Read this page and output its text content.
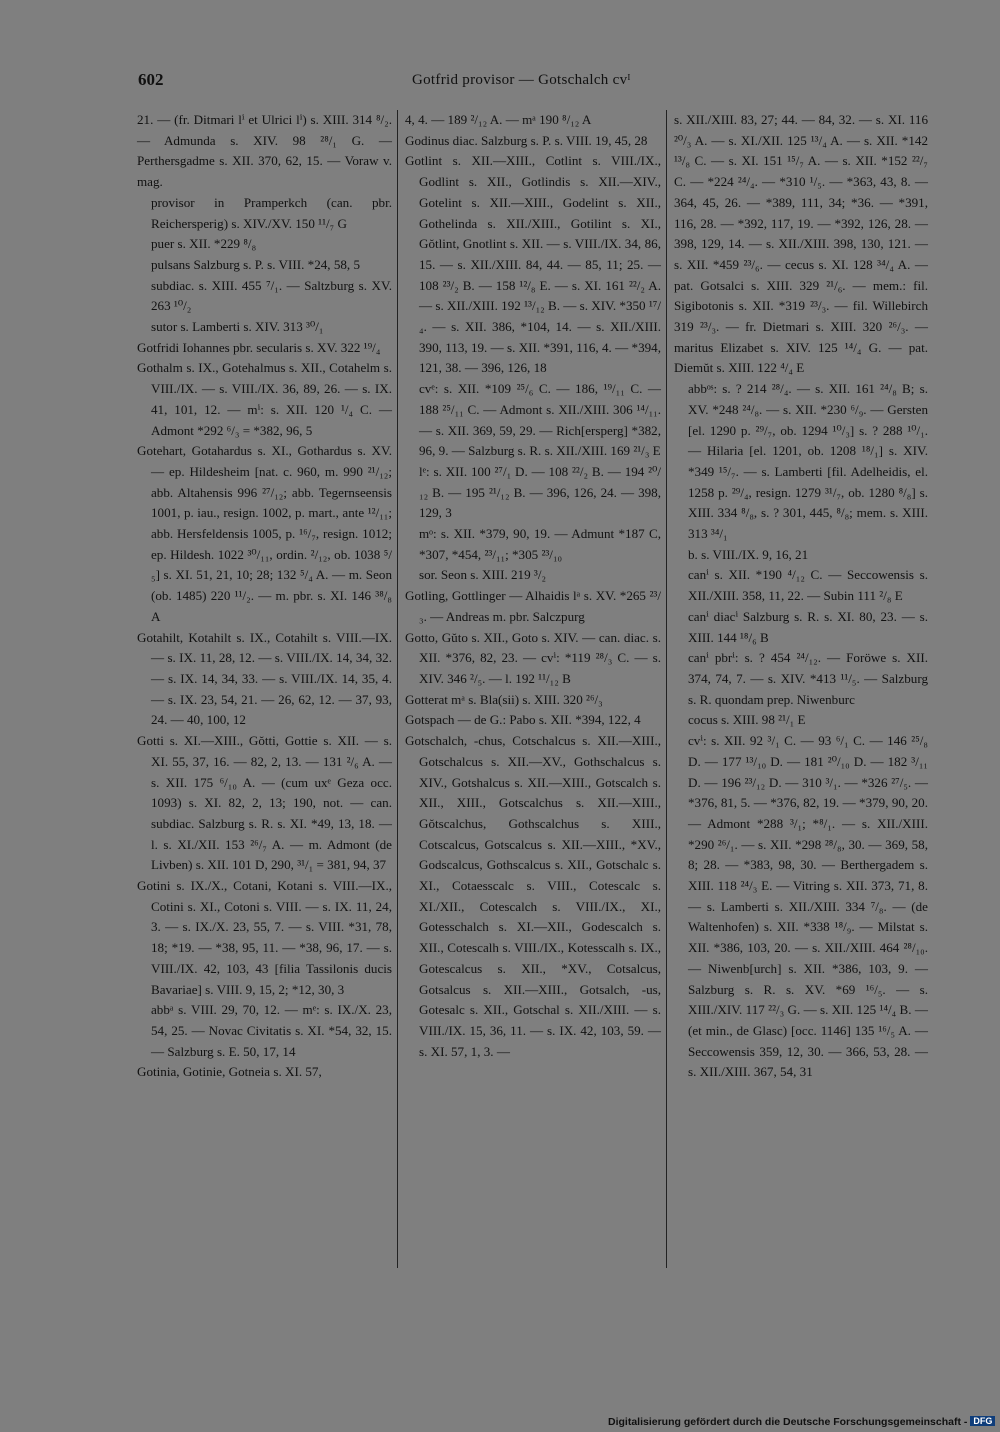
602	Gotfrid provisor — Gotschalch cvᴵ

21. — (fr. Ditmari lⁱ et Ulrici lⁱ) s. XIII. 314 ⁸/₂. — Admunda s. XIV. 98 ²⁸/₁ G. — Perthersgadme s. XII. 370, 62, 15. — Voraw v. mag.

provisor in Pramperkch (can. pbr. Reichersperig) s. XIV./XV. 150 ¹¹/₇ G

puer s. XII. *229 ⁸/₈

pulsans Salzburg s. P. s. VIII. *24, 58, 5

subdiac. s. XIII. 455 ⁷/₁. — Saltzburg s. XV. 263 ¹⁰/₂

sutor s. Lamberti s. XIV. 313 ³⁰/₁

Gotfridi Iohannes pbr. secularis s. XV. 322 ¹⁹/₄

Gothalm s. IX., Gotehalmus s. XII., Cotahelm s. VIII./IX. — s. VIII./IX. 36, 89, 26. — s. IX. 41, 101, 12. — mⁱ: s. XII. 120 ¹/₄ C. — Admont *292 ⁶/₃ = *382, 96, 5

Gotehart, Gotahardus s. XI., Gothardus s. XV. — ep. Hildesheim [nat. c. 960, m. 990 ²¹/₁₂; abb. Altahensis 996 ²⁷/₁₂; abb. Tegernseensis 1001, p. iau., resign. 1002, p. mart., ante ¹²/₁₁; abb. Hersfeldensis 1005, p. ¹⁶/₇, resign. 1012; ep. Hildesh. 1022 ³⁰/₁₁, ordin. ²/₁₂, ob. 1038 ⁵/₅] s. XI. 51, 21, 10; 28; 132 ⁵/₄ A. — m. Seon (ob. 1485) 220 ¹¹/₂. — m. pbr. s. XI. 146 ³⁸/₈ A

Gotahilt, Kotahilt s. IX., Cotahilt s. VIII.—IX. — s. IX. 11, 28, 12. — s. VIII./IX. 14, 34, 32. — s. IX. 14, 34, 33. — s. VIII./IX. 14, 35, 4. — s. IX. 23, 54, 21. — 26, 62, 12. — 37, 93, 24. — 40, 100, 12

Gotti s. XI.—XIII., Gŏtti, Gottie s. XII. — s. XI. 55, 37, 16. — 82, 2, 13. — 131 ²/₆ A. — s. XII. 175 ⁶/₁₀ A. — (cum uxᵉ Geza occ. 1093) s. XI. 82, 2, 13; 190, not. — can. subdiac. Salzburg s. R. s. XI. *49, 13, 18. — l. s. XI./XII. 153 ²⁶/₇ A. — m. Admont (de Livben) s. XII. 101 D, 290, ³¹/₁ = 381, 94, 37

Gotini s. IX./X., Cotani, Kotani s. VIII.—IX., Cotini s. XI., Cotoni s. VIII. — s. IX. 11, 24, 3. — s. IX./X. 23, 55, 7. — s. VIII. *31, 78, 18; *19. — *38, 95, 11. — *38, 96, 17. — s. VIII./IX. 42, 103, 43 [filia Tassilonis ducis Bavariae] s. VIII. 9, 15, 2; *12, 30, 3

abbᵃ s. VIII. 29, 70, 12. — mᵉ: s. IX./X. 23, 54, 25. — Novac Civitatis s. XI. *54, 32, 15. — Salzburg s. E. 50, 17, 14

Gotinia, Gotinie, Gotneia s. XI. 57,

4, 4. — 189 ²/₁₂ A. — mᵃ 190 ⁸/₁₂ A

Godinus diac. Salzburg s. P. s. VIII. 19, 45, 28

Gotlint s. XII.—XIII., Cotlint s. VIII./IX., Godlint s. XII., Gotlindis s. XII.—XIV., Gotelint s. XII.—XIII., Godelint s. XII., Gothelinda s. XII./XIII., Gotilint s. XI., Gŏtlint, Gnotlint s. XII. — s. VIII./IX. 34, 86, 15. — s. XII./XIII. 84, 44. — 85, 11; 25. — 108 ²³/₂ B. — 158 ¹²/₈ E. — s. XI. 161 ²²/₂ A. — s. XII./XIII. 192 ¹³/₁₂ B. — s. XIV. *350 ¹⁷/₄. — s. XII. 386, *104, 14. — s. XII./XIII. 390, 113, 19. — s. XII. *391, 116, 4. — *394, 121, 38. — 396, 126, 18

cvᵉ: s. XII. *109 ²⁵/₆ C. — 186, ¹⁹/₁₁ C. — 188 ²⁵/₁₁ C. — Admont s. XII./XIII. 306 ¹⁴/₁₁. — s. XII. 369, 59, 29. — Rich[ersperg] *382, 96, 9. — Salzburg s. R. s. XII./XIII. 169 ²¹/₃ E

lᵉ: s. XII. 100 ²⁷/₁ D. — 108 ²²/₂ B. — 194 ²⁰/₁₂ B. — 195 ²¹/₁₂ B. — 396, 126, 24. — 398, 129, 3

mᵒ: s. XII. *379, 90, 19. — Admunt *187 C, *307, *454, ²³/₁₁; *305 ²³/₁₀

sor. Seon s. XIII. 219 ³/₂

Gotling, Gottlinger — Alhaidis lᵃ s. XV. *265 ²³/₃. — Andreas m. pbr. Salczpurg

Gotto, Gŭto s. XII., Goto s. XIV. — can. diac. s. XII. *376, 82, 23. — cvⁱ: *119 ²⁸/₃ C. — s. XIV. 346 ²/₅. — l. 192 ¹¹/₁₂ B

Gotterat mᵃ s. Bla(sii) s. XIII. 320 ²⁶/₃

Gotspach — de G.: Pabo s. XII. *394, 122, 4

Gotschalch, -chus, Cotschalcus s. XII.—XIII., Gotschalcus s. XII.—XV., Gothschalcus s. XIV., Gotshalcus s. XII.—XIII., Gotscalch s. XII., XIII., Gotscalchus s. XII.—XIII., Gŏtscalchus, Gothscalchus s. XIII., Cotscalcus, Gotscalcus s. XII.—XIII., *XV., Godscalcus, Gothscalcus s. XII., Gotschalc s. XI., Cotaesscalc s. VIII., Cotescalc s. XI./XII., Cotescalch s. VIII./IX., XI., Gotesschalch s. XI.—XII., Godescalch s. XII., Cotescalh s. VIII./IX., Kotesscalh s. IX., Gotescalcus s. XII., *XV., Cotsalcus, Gotsalcus s. XII.—XIII., Gotsalch, -us, Gotesalc s. XII., Gotschal s. XII./XIII. — s. VIII./IX. 15, 36, 11. — s. IX. 42, 103, 59. — s. XI. 57, 1, 3. —

s. XII./XIII. 83, 27; 44. — 84, 32. — s. XI. 116 ²⁰/₃ A. — s. XI./XII. 125 ¹³/₄ A. — s. XII. *142 ¹³/₈ C. — s. XI. 151 ¹⁵/₇ A. — s. XII. *152 ²²/₇ C. — *224 ²⁴/₄. — *310 ¹/₅. — *363, 43, 8. — 364, 45, 26. — *389, 111, 34; *36. — *391, 116, 28. — *392, 117, 19. — *392, 126, 28. — 398, 129, 14. — s. XII./XIII. 398, 130, 121. — s. XII. *459 ²³/₆. — cecus s. XI. 128 ³⁴/₄ A. — pat. Gotsalci s. XIII. 329 ²¹/₆. — mem.: fil. Sigibotonis s. XII. *319 ²³/₃. — fil. Willebirch 319 ²³/₃. — fr. Dietmari s. XIII. 320 ²⁶/₃. — maritus Elizabet s. XIV. 125 ¹⁴/₄ G. — pat. Diemŭt s. XIII. 122 ⁴/₄ E

abbᵒˢ: s. ? 214 ²⁸/₄. — s. XII. 161 ²⁴/₈ B; s. XV. *248 ²⁴/₈. — s. XII. *230 ⁶/₉. — Gersten [el. 1290 p. ²⁹/₇, ob. 1294 ¹⁰/₃] s. ? 288 ¹⁰/₁. — Hilaria [el. 1201, ob. 1208 ¹⁸/₁] s. XIV. *349 ¹⁵/₇. — s. Lamberti [fil. Adelheidis, el. 1258 p. ²⁹/₄, resign. 1279 ³¹/₇, ob. 1280 ⁸/₈] s. XIII. 334 ⁸/₈, s. ? 301, 445, ⁸/₈; mem. s. XIII. 313 ³⁴/₁

b. s. VIII./IX. 9, 16, 21

canⁱ s. XII. *190 ⁴/₁₂ C. — Seccowensis s. XII./XIII. 358, 11, 22. — Subin 111 ²/₈ E

canⁱ diacⁱ Salzburg s. R. s. XI. 80, 23. — s. XIII. 144 ¹⁸/₆ B

canⁱ pbrⁱ: s. ? 454 ²⁴/₁₂. — Foröwe s. XII. 374, 74, 7. — s. XIV. *413 ¹¹/₅. — Salzburg s. R. quondam prep. Niwenburc

cocus s. XIII. 98 ²¹/₁ E

cvⁱ: s. XII. 92 ³/₁ C. — 93 ⁶/₁ C. — 146 ²⁵/₈ D. — 177 ¹³/₁₀ D. — 181 ²⁰/₁₀ D. — 182 ³/₁₁ D. — 196 ²³/₁₂ D. — 310 ³/₁. — *326 ²⁷/₅. — *376, 81, 5. — *376, 82, 19. — *379, 90, 20. — Admont *288 ³/₁; *⁸/₁. — s. XII./XIII. *290 ²⁶/₁. — s. XII. *298 ²⁸/₈, 30. — 369, 58, 8; 28. — *383, 98, 30. — Berthergadem s. XIII. 118 ²⁴/₃ E. — Vitring s. XII. 373, 71, 8. — s. Lamberti s. XII./XIII. 334 ⁷/₈. — (de Waltenhofen) s. XII. *338 ¹⁸/₉. — Milstat s. XII. *386, 103, 20. — s. XII./XIII. 464 ²⁸/₁₀. — Niwenb[urch] s. XII. *386, 103, 9. — Salzburg s. R. s. XV. *69 ¹⁶/₅. — s. XIII./XIV. 117 ²²/₃ G. — s. XII. 125 ¹⁴/₄ B. — (et min., de Glasc) [occ. 1146] 135 ¹⁶/₅ A. — Seccowensis 359, 12, 30. — 366, 53, 28. — s. XII./XIII. 367, 54, 31

Digitalisierung gefördert durch die Deutsche Forschungsgemeinschaft - DFG
